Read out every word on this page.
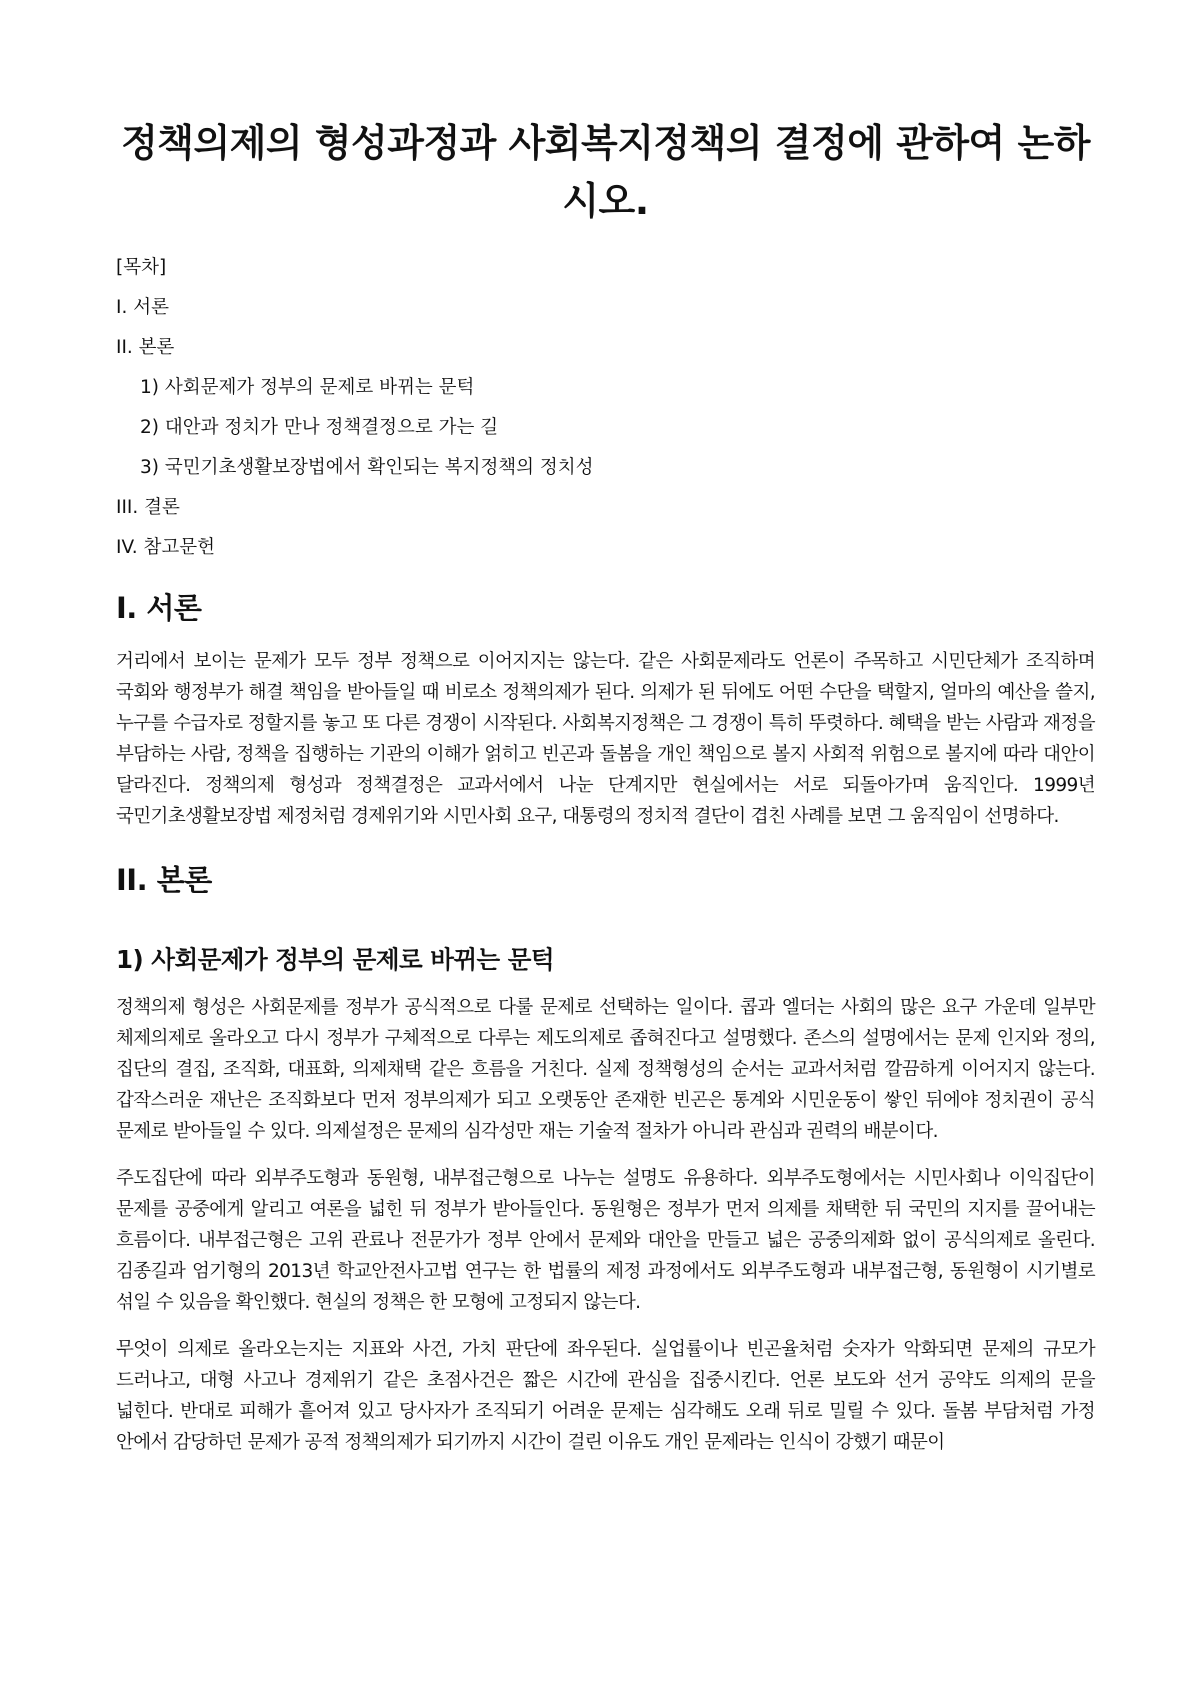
정책의제의 형성과정과 사회복지정책의 결정에 관하여 논하시오.
[목차]
I. 서론
II. 본론
1) 사회문제가 정부의 문제로 바뀌는 문턱
2) 대안과 정치가 만나 정책결정으로 가는 길
3) 국민기초생활보장법에서 확인되는 복지정책의 정치성
III. 결론
IV. 참고문헌
I. 서론

거리에서 보이는 문제가 모두 정부 정책으로 이어지지는 않는다. 같은 사회문제라도 언론이 주목하고 시민단체가 조직하며 국회와 행정부가 해결 책임을 받아들일 때 비로소 정책의제가 된다. 의제가 된 뒤에도 어떤 수단을 택할지, 얼마의 예산을 쓸지, 누구를 수급자로 정할지를 놓고 또 다른 경쟁이 시작된다. 사회복지정책은 그 경쟁이 특히 뚜렷하다. 혜택을 받는 사람과 재정을 부담하는 사람, 정책을 집행하는 기관의 이해가 얽히고 빈곤과 돌봄을 개인 책임으로 볼지 사회적 위험으로 볼지에 따라 대안이 달라진다. 정책의제 형성과 정책결정은 교과서에서 나눈 단계지만 현실에서는 서로 되돌아가며 움직인다. 1999년 국민기초생활보장법 제정처럼 경제위기와 시민사회 요구, 대통령의 정치적 결단이 겹친 사례를 보면 그 움직임이 선명하다.

II. 본론
1) 사회문제가 정부의 문제로 바뀌는 문턱

정책의제 형성은 사회문제를 정부가 공식적으로 다룰 문제로 선택하는 일이다. 콥과 엘더는 사회의 많은 요구 가운데 일부만 체제의제로 올라오고 다시 정부가 구체적으로 다루는 제도의제로 좁혀진다고 설명했다. 존스의 설명에서는 문제 인지와 정의, 집단의 결집, 조직화, 대표화, 의제채택 같은 흐름을 거친다. 실제 정책형성의 순서는 교과서처럼 깔끔하게 이어지지 않는다. 갑작스러운 재난은 조직화보다 먼저 정부의제가 되고 오랫동안 존재한 빈곤은 통계와 시민운동이 쌓인 뒤에야 정치권이 공식 문제로 받아들일 수 있다. 의제설정은 문제의 심각성만 재는 기술적 절차가 아니라 관심과 권력의 배분이다.

주도집단에 따라 외부주도형과 동원형, 내부접근형으로 나누는 설명도 유용하다. 외부주도형에서는 시민사회나 이익집단이 문제를 공중에게 알리고 여론을 넓힌 뒤 정부가 받아들인다. 동원형은 정부가 먼저 의제를 채택한 뒤 국민의 지지를 끌어내는 흐름이다. 내부접근형은 고위 관료나 전문가가 정부 안에서 문제와 대안을 만들고 넓은 공중의제화 없이 공식의제로 올린다. 김종길과 엄기형의 2013년 학교안전사고법 연구는 한 법률의 제정 과정에서도 외부주도형과 내부접근형, 동원형이 시기별로 섞일 수 있음을 확인했다. 현실의 정책은 한 모형에 고정되지 않는다.

무엇이 의제로 올라오는지는 지표와 사건, 가치 판단에 좌우된다. 실업률이나 빈곤율처럼 숫자가 악화되면 문제의 규모가 드러나고, 대형 사고나 경제위기 같은 초점사건은 짧은 시간에 관심을 집중시킨다. 언론 보도와 선거 공약도 의제의 문을 넓힌다. 반대로 피해가 흩어져 있고 당사자가 조직되기 어려운 문제는 심각해도 오래 뒤로 밀릴 수 있다. 돌봄 부담처럼 가정 안에서 감당하던 문제가 공적 정책의제가 되기까지 시간이 걸린 이유도 개인 문제라는 인식이 강했기 때문이
